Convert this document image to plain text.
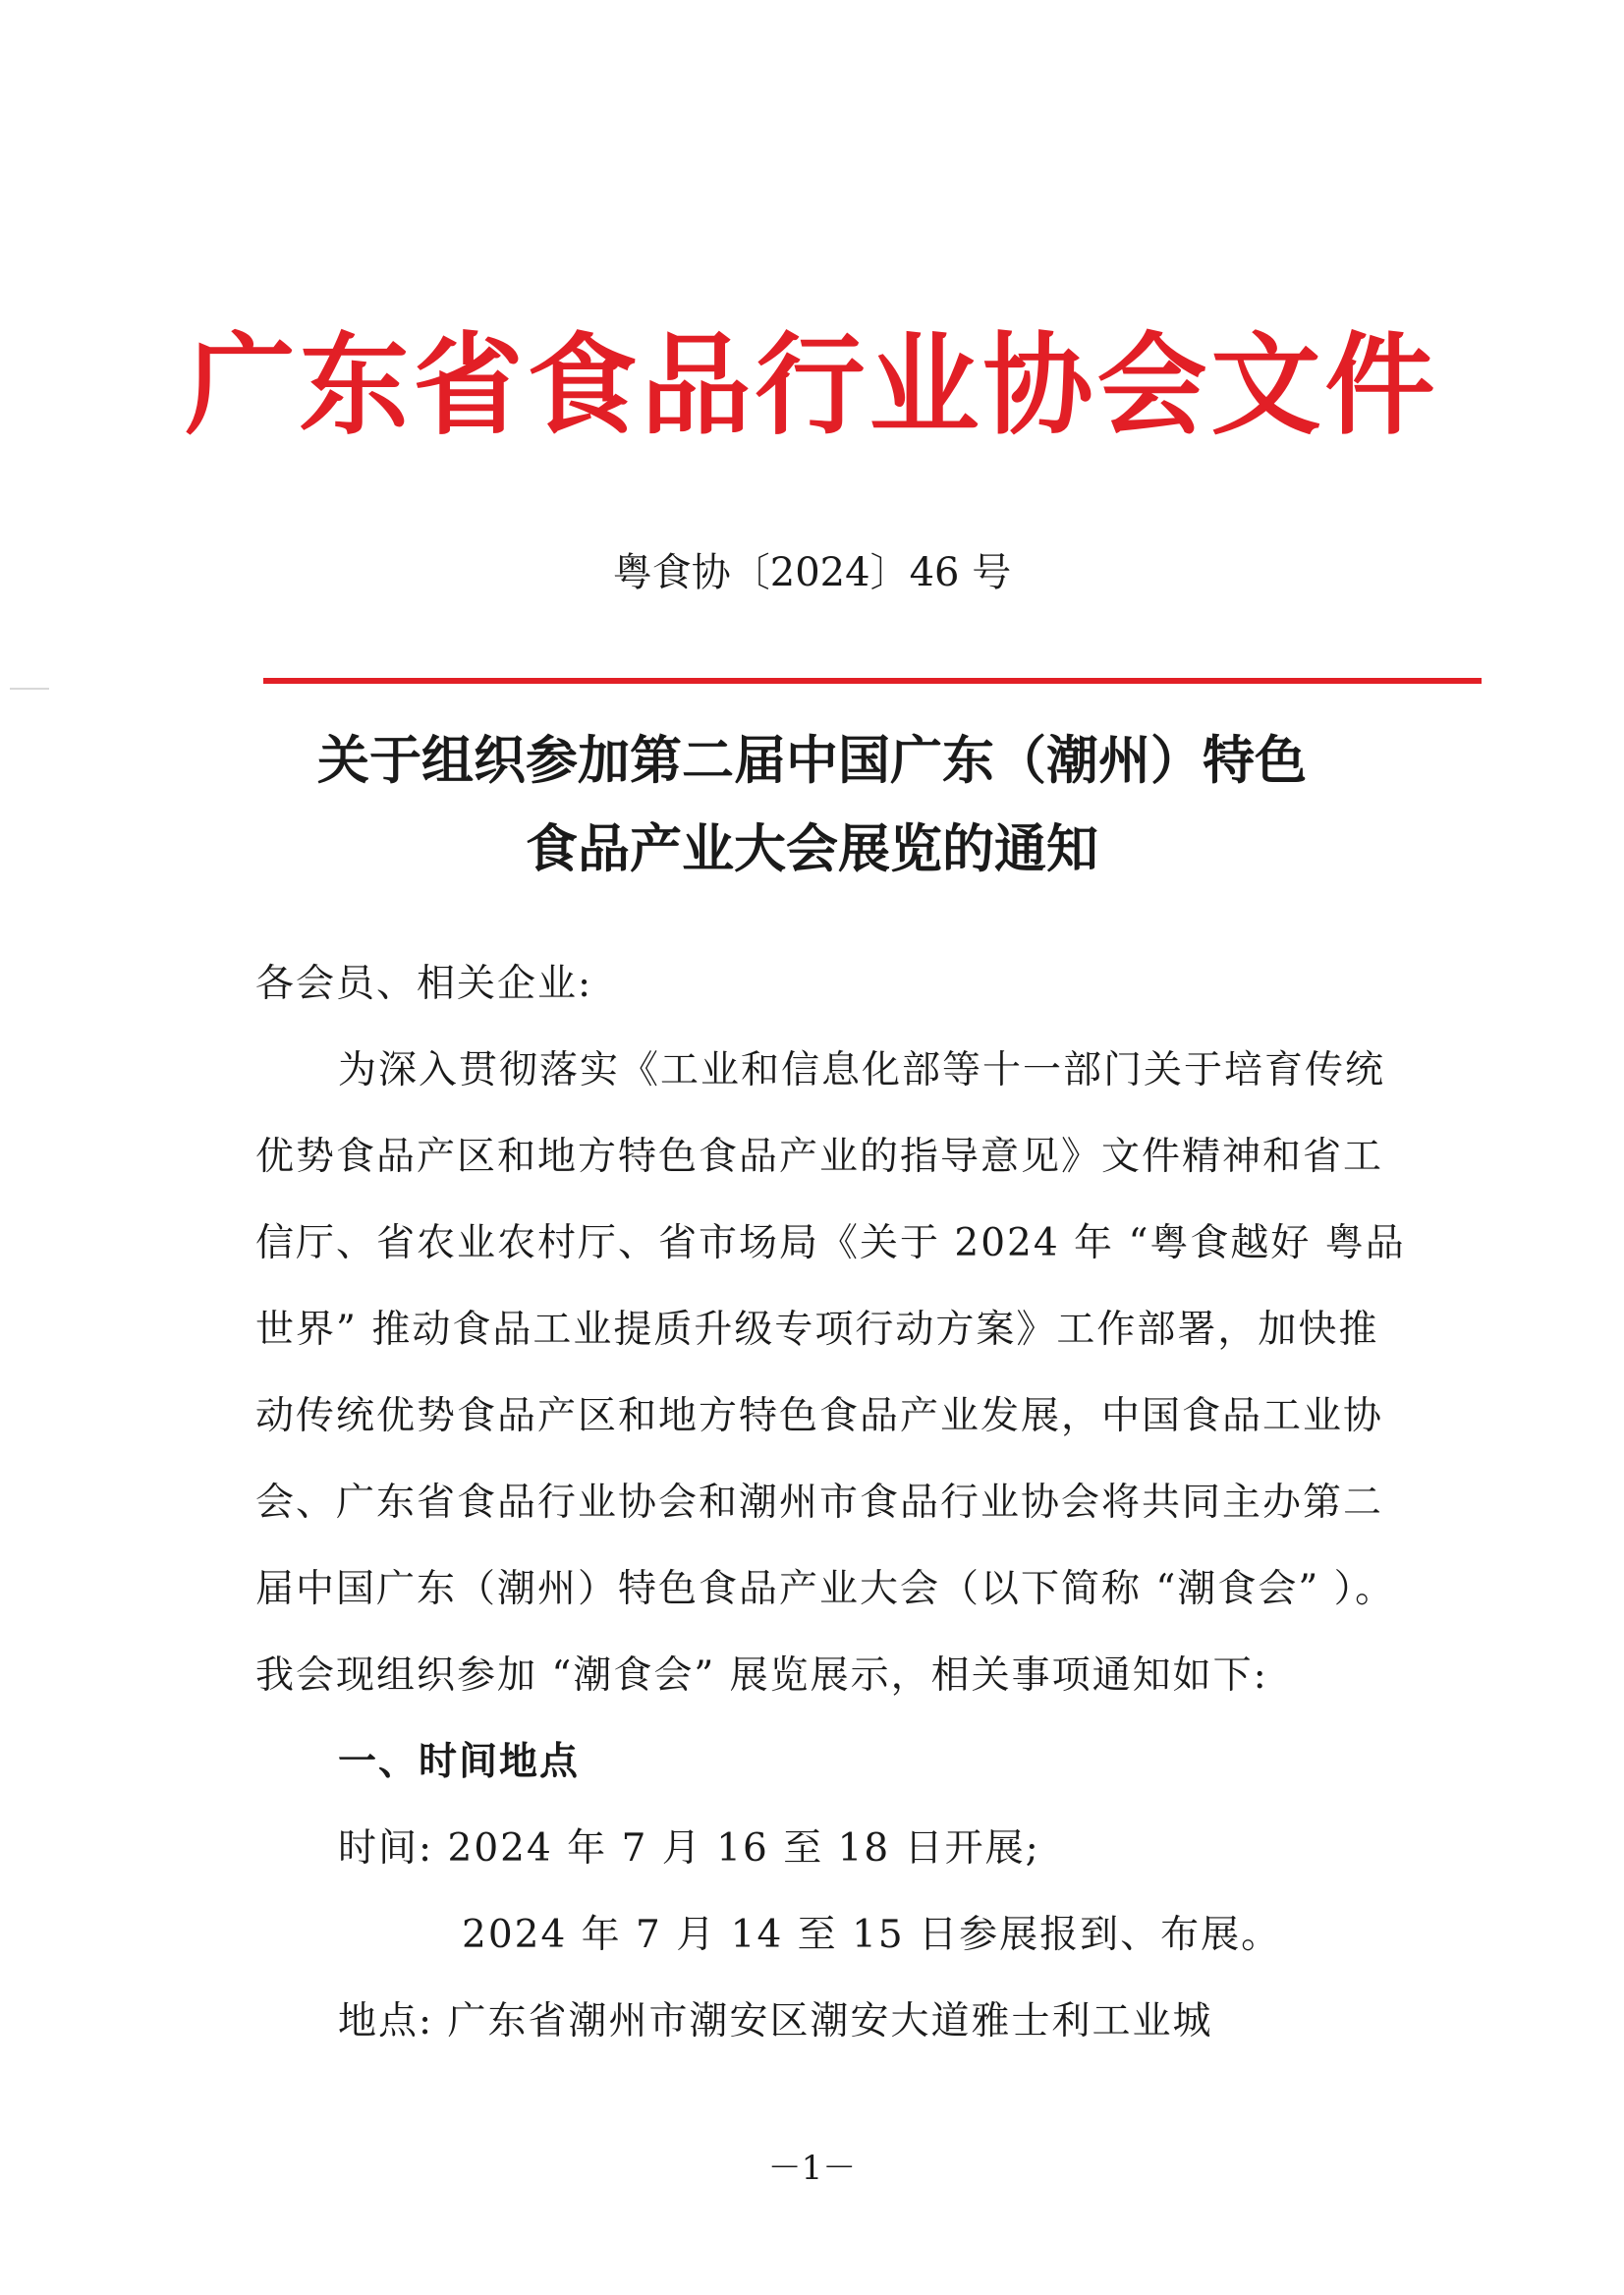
广东省食品行业协会文件
粤食协〔2024〕46 号
关于组织参加第二届中国广东（潮州）特色
食品产业大会展览的通知
各会员、相关企业:
为深入贯彻落实《工业和信息化部等十一部门关于培育传统
优势食品产区和地方特色食品产业的指导意见》文件精神和省工
信厅、省农业农村厅、省市场局《关于 2024 年 “粤食越好 粤品
世界” 推动食品工业提质升级专项行动方案》工作部署，加快推
动传统优势食品产区和地方特色食品产业发展，中国食品工业协
会、广东省食品行业协会和潮州市食品行业协会将共同主办第二
届中国广东（潮州）特色食品产业大会（以下简称 “潮食会” ）。
我会现组织参加 “潮食会” 展览展示，相关事项通知如下:
一、时间地点
时间: 2024 年 7 月 16 至 18 日开展;
2024 年 7 月 14 至 15 日参展报到、布展。
地点: 广东省潮州市潮安区潮安大道雅士利工业城
－1－
